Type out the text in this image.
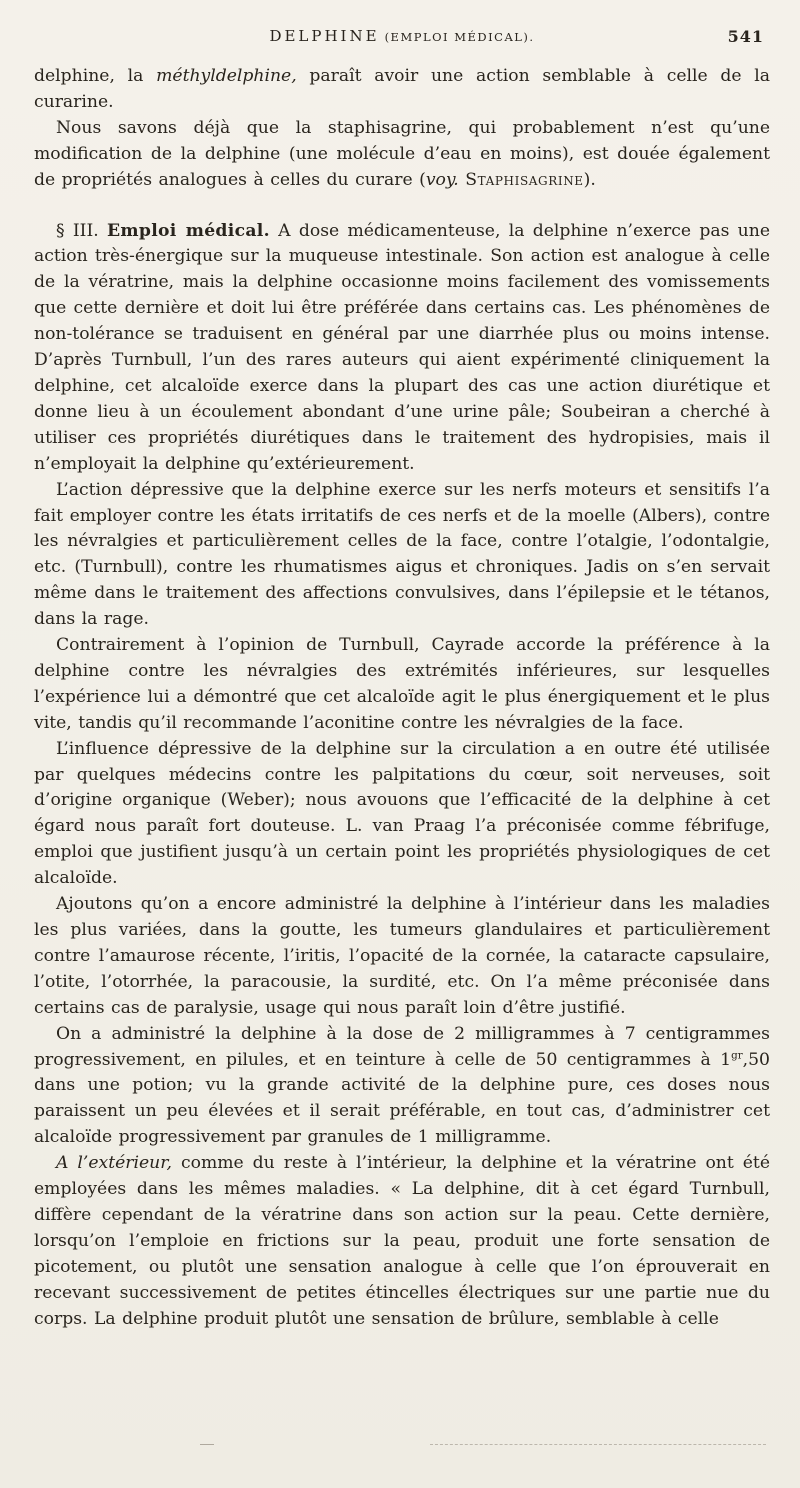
DELPHINE (EMPLOI MÉDICAL).	541

delphine, la méthyldelphine, paraît avoir une action semblable à celle de la curarine.

Nous savons déjà que la staphisagrine, qui probablement n’est qu’une modification de la delphine (une molécule d’eau en moins), est douée également de propriétés analogues à celles du curare (voy. Staphisagrine).

§ III. Emploi médical. A dose médicamenteuse, la delphine n’exerce pas une action très-énergique sur la muqueuse intestinale. Son action est analogue à celle de la vératrine, mais la delphine occasionne moins facilement des vomissements que cette dernière et doit lui être préférée dans certains cas. Les phénomènes de non-tolérance se traduisent en général par une diarrhée plus ou moins intense. D’après Turnbull, l’un des rares auteurs qui aient expérimenté cliniquement la delphine, cet alcaloïde exerce dans la plupart des cas une action diurétique et donne lieu à un écoulement abondant d’une urine pâle; Soubeiran a cherché à utiliser ces propriétés diurétiques dans le traitement des hydropisies, mais il n’employait la delphine qu’extérieurement.

L’action dépressive que la delphine exerce sur les nerfs moteurs et sensitifs l’a fait employer contre les états irritatifs de ces nerfs et de la moelle (Albers), contre les névralgies et particulièrement celles de la face, contre l’otalgie, l’odontalgie, etc. (Turnbull), contre les rhumatismes aigus et chroniques. Jadis on s’en servait même dans le traitement des affections convulsives, dans l’épilepsie et le tétanos, dans la rage.

Contrairement à l’opinion de Turnbull, Cayrade accorde la préférence à la delphine contre les névralgies des extrémités inférieures, sur lesquelles l’expérience lui a démontré que cet alcaloïde agit le plus énergiquement et le plus vite, tandis qu’il recommande l’aconitine contre les névralgies de la face.

L’influence dépressive de la delphine sur la circulation a en outre été utilisée par quelques médecins contre les palpitations du cœur, soit nerveuses, soit d’origine organique (Weber); nous avouons que l’efficacité de la delphine à cet égard nous paraît fort douteuse. L. van Praag l’a préconisée comme fébrifuge, emploi que justifient jusqu’à un certain point les propriétés physiologiques de cet alcaloïde.

Ajoutons qu’on a encore administré la delphine à l’intérieur dans les maladies les plus variées, dans la goutte, les tumeurs glandulaires et particulièrement contre l’amaurose récente, l’iritis, l’opacité de la cornée, la cataracte capsulaire, l’otite, l’otorrhée, la paracousie, la surdité, etc. On l’a même préconisée dans certains cas de paralysie, usage qui nous paraît loin d’être justifié.

On a administré la delphine à la dose de 2 milligrammes à 7 centigrammes progressivement, en pilules, et en teinture à celle de 50 centigrammes à $1^{gr},50$ dans une potion; vu la grande activité de la delphine pure, ces doses nous paraissent un peu élevées et il serait préférable, en tout cas, d’administrer cet alcaloïde progressivement par granules de 1 milligramme.

A l’extérieur, comme du reste à l’intérieur, la delphine et la vératrine ont été employées dans les mêmes maladies. « La delphine, dit à cet égard Turnbull, diffère cependant de la vératrine dans son action sur la peau. Cette dernière, lorsqu’on l’emploie en frictions sur la peau, produit une forte sensation de picotement, ou plutôt une sensation analogue à celle que l’on éprouverait en recevant successivement de petites étincelles électriques sur une partie nue du corps. La delphine produit plutôt une sensation de brûlure, semblable à celle
